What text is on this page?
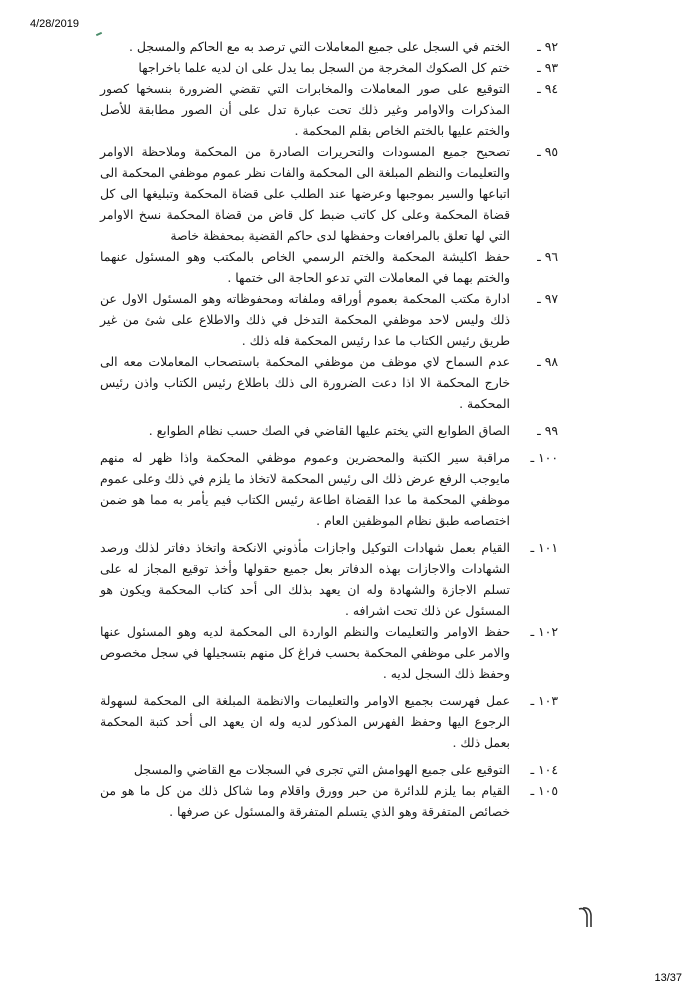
4/28/2019
٩٢ ـ
الختم في السجل على جميع المعاملات التي ترصد به مع الحاكم والمسجل .
٩٣ ـ
ختم كل الصكوك المخرجة من السجل بما يدل على ان لديه علما باخراجها
٩٤ ـ
التوقيع على صور المعاملات والمخابرات التي تقضي الضرورة بنسخها كصور المذكرات والاوامر وغير ذلك تحت عبارة تدل على أن الصور مطابقة للأصل والختم عليها بالختم الخاص بقلم المحكمة .
٩٥ ـ
تصحيح جميع المسودات والتحريرات الصادرة من المحكمة وملاحظة الاوامر والتعليمات والنظم المبلغة الى المحكمة والفات نظر عموم موظفي المحكمة الى اتباعها والسير بموجبها وعرضها عند الطلب على قضاة المحكمة وتبليغها الى كل قضاة المحكمة وعلى كل كاتب ضبط كل قاض من قضاة المحكمة نسخ الاوامر التي لها تعلق بالمرافعات وحفظها لدى حاكم القضية بمحفظة خاصة
٩٦ ـ
حفظ اكليشة المحكمة والختم الرسمي الخاص بالمكتب وهو المسئول عنهما والختم بهما في المعاملات التي تدعو الحاجة الى ختمها .
٩٧ ـ
ادارة مكتب المحكمة بعموم أوراقه وملفاته ومحفوظاته وهو المسئول الاول عن ذلك وليس لاحد موظفي المحكمة التدخل في ذلك والاطلاع على شئ من غير طريق رئيس الكتاب ما عدا رئيس المحكمة فله ذلك .
٩٨ ـ
عدم السماح لاي موظف من موظفي المحكمة باستصحاب المعاملات معه الى خارج المحكمة الا اذا دعت الضرورة الى ذلك باطلاع رئيس الكتاب واذن رئيس المحكمة .
٩٩ ـ
الصاق الطوابع التي يختم عليها القاضي في الصك حسب نظام الطوابع .
١٠٠ ـ
مراقبة سير الكتبة والمحضرين وعموم موظفي المحكمة واذا ظهر له منهم مايوجب الرفع عرض ذلك الى رئيس المحكمة لاتخاذ ما يلزم في ذلك وعلى عموم موظفي المحكمة ما عدا القضاة اطاعة رئيس الكتاب فيم يأمر به مما هو ضمن اختصاصه طبق نظام الموظفين العام .
١٠١ ـ
القيام بعمل شهادات التوكيل واجازات مأذوني الانكحة واتخاذ دفاتر لذلك ورصد الشهادات والاجازات بهذه الدفاتر بعل جميع حقولها وأخذ توقيع المجاز له على تسلم الاجازة والشهادة وله ان يعهد بذلك الى أحد كتاب المحكمة ويكون هو المسئول عن ذلك تحت اشرافه .
١٠٢ ـ
حفظ الاوامر والتعليمات والنظم الواردة الى المحكمة لديه وهو المسئول عنها والامر على موظفي المحكمة بحسب فراغ كل منهم بتسجيلها في سجل مخصوص وحفظ ذلك السجل لديه .
١٠٣ ـ
عمل فهرست بجميع الاوامر والتعليمات والانظمة المبلغة الى المحكمة لسهولة الرجوع اليها وحفظ الفهرس المذكور لديه وله ان يعهد الى أحد كتبة المحكمة بعمل ذلك .
١٠٤ ـ
التوقيع على جميع الهوامش التي تجرى في السجلات مع القاضي والمسجل
١٠٥ ـ
القيام بما يلزم للدائرة من حبر وورق واقلام وما شاكل ذلك من كل ما هو من خصائص المتفرقة وهو الذي يتسلم المتفرقة والمسئول عن صرفها .
13/37
